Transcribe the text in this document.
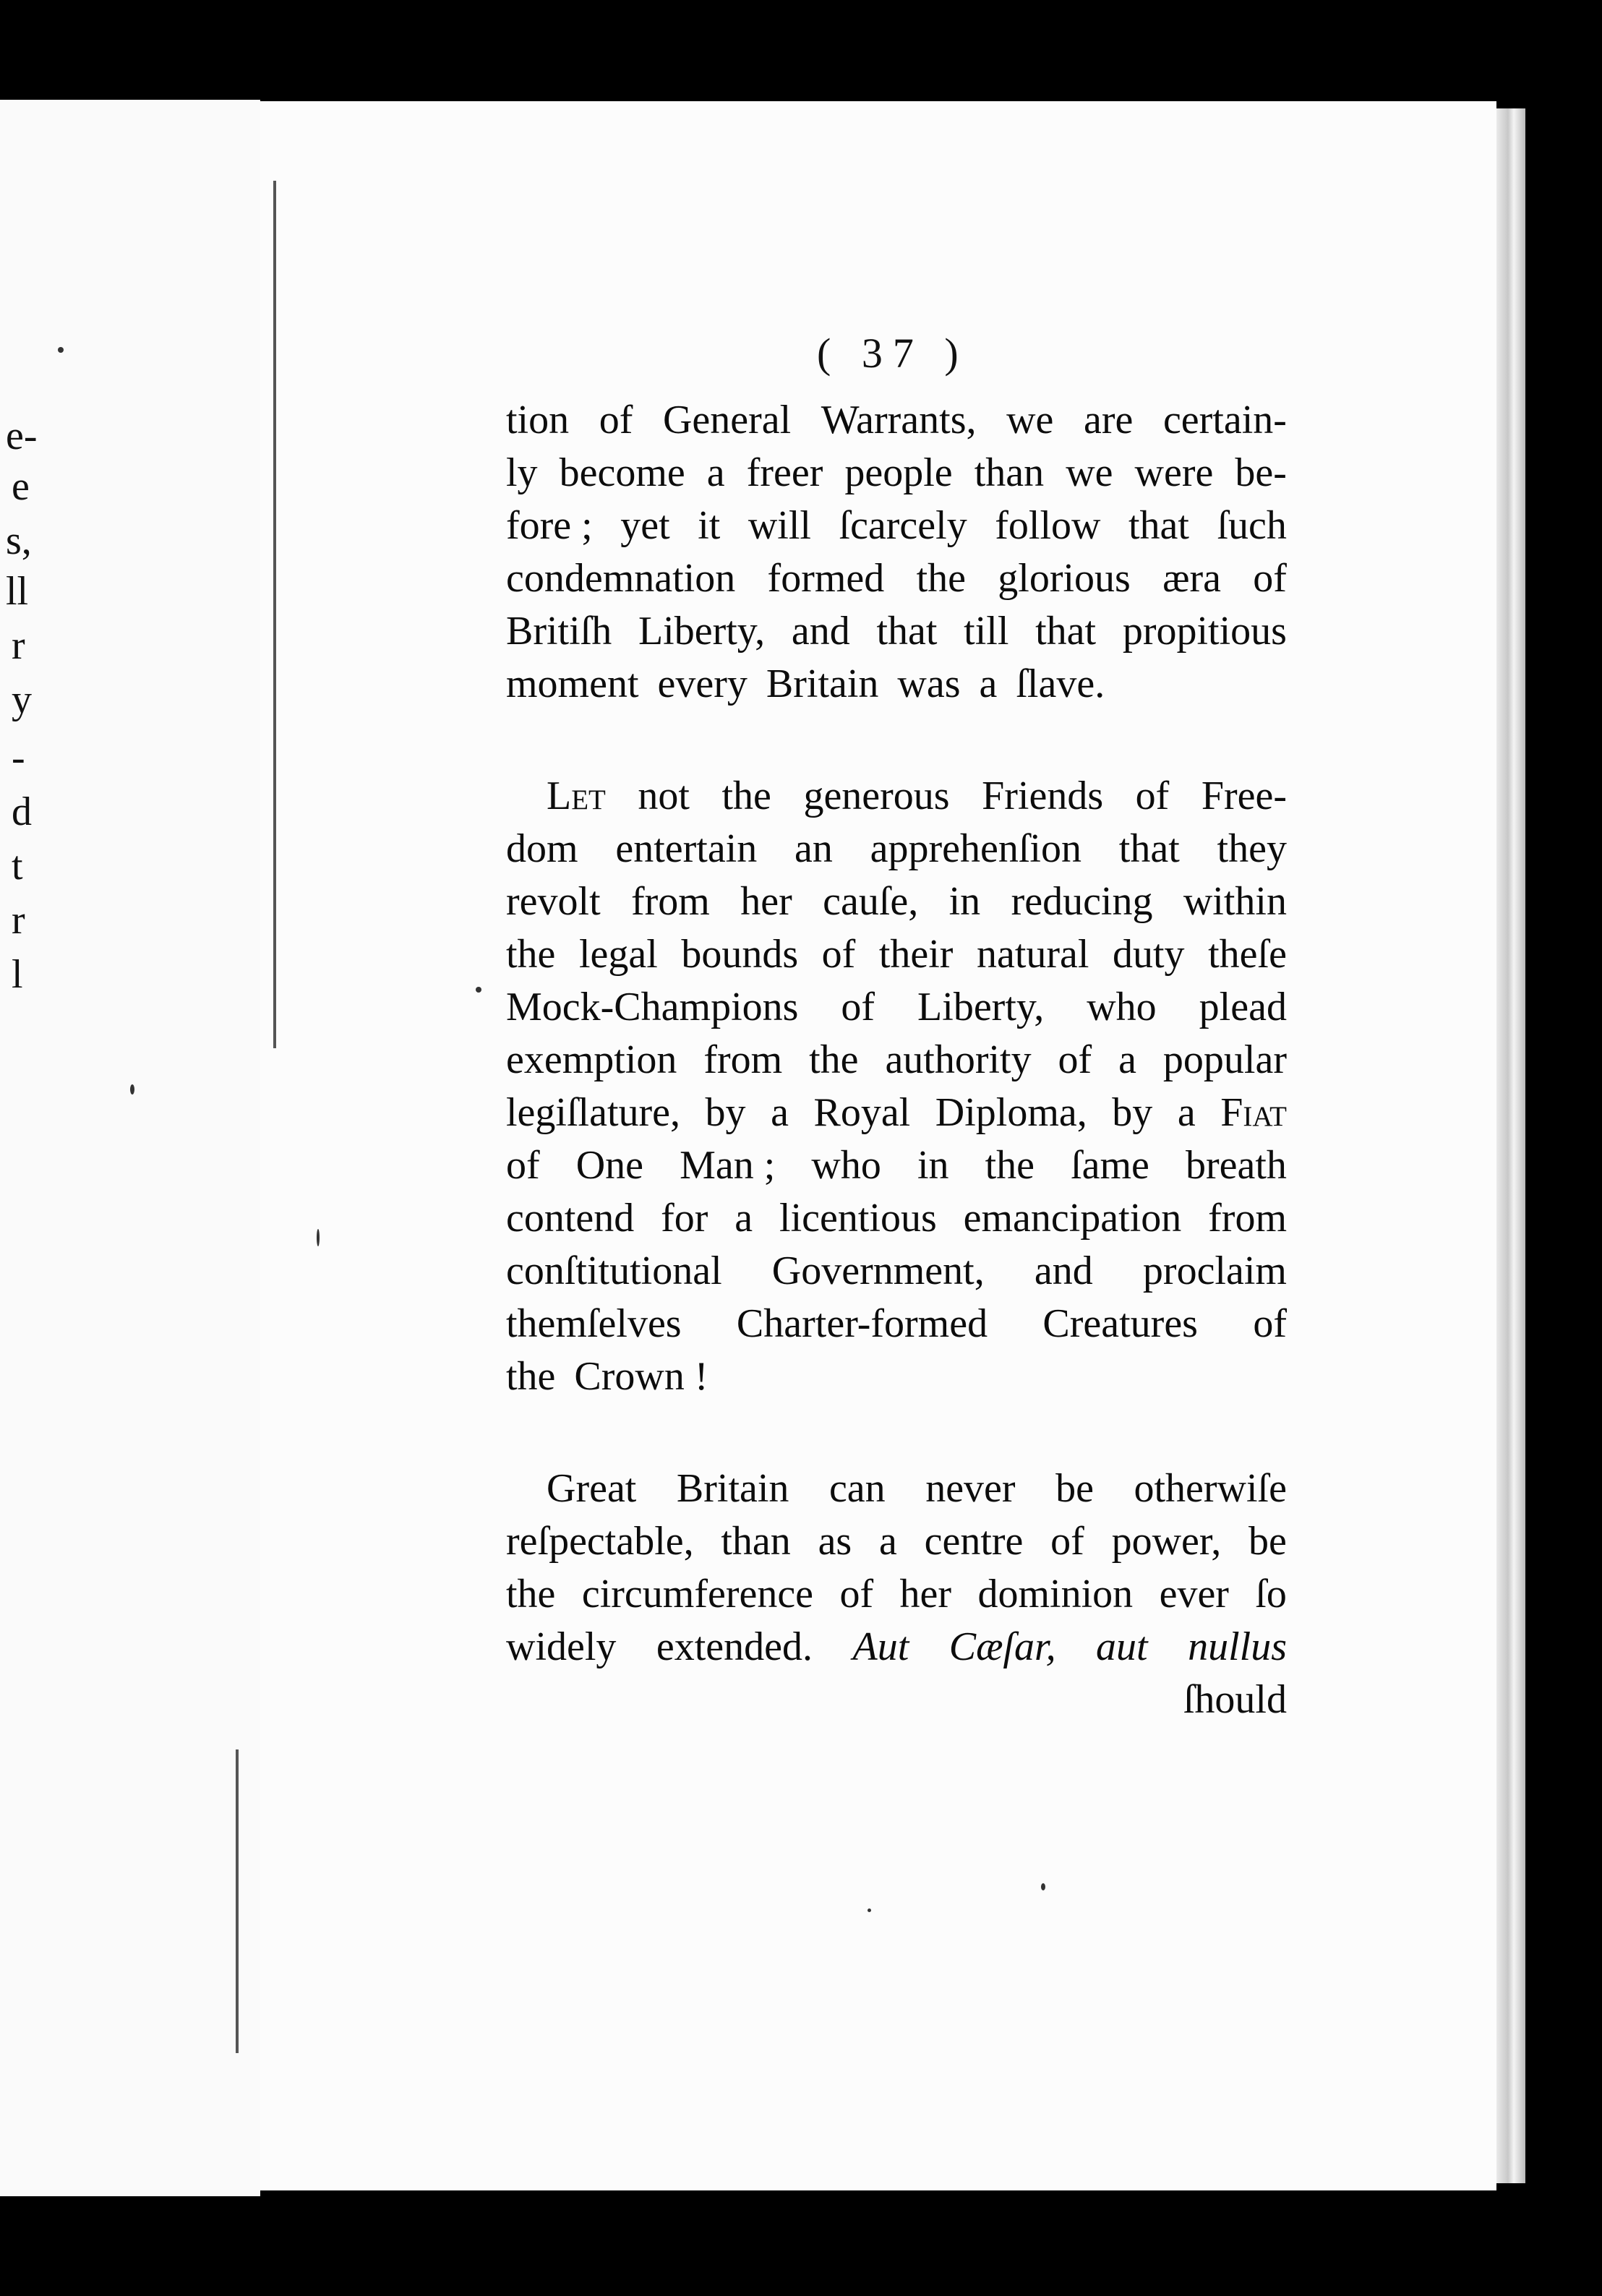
e-
e
s,
ll
r
y
-
d
t
r
l
( 37 )
tion of General Warrants, we are certain-
ly become a freer people than we were be-
fore ; yet it will ſcarcely follow that ſuch
condemnation formed the glorious æra of
Britiſh Liberty, and that till that propitious
moment every Britain was a ſlave.
Let not the generous Friends of Free-
dom entertain an apprehenſion that they
revolt from her cauſe, in reducing within
the legal bounds of their natural duty theſe
Mock-Champions of Liberty, who plead
exemption from the authority of a popular
legiſlature, by a Royal Diploma, by a Fiat
of One Man ; who in the ſame breath
contend for a licentious emancipation from
conſtitutional Government, and proclaim
themſelves Charter-formed Creatures of
the Crown !
Great Britain can never be otherwiſe
reſpectable, than as a centre of power, be
the circumference of her dominion ever ſo
widely extended. Aut Cæſar, aut nullus
ſhould
